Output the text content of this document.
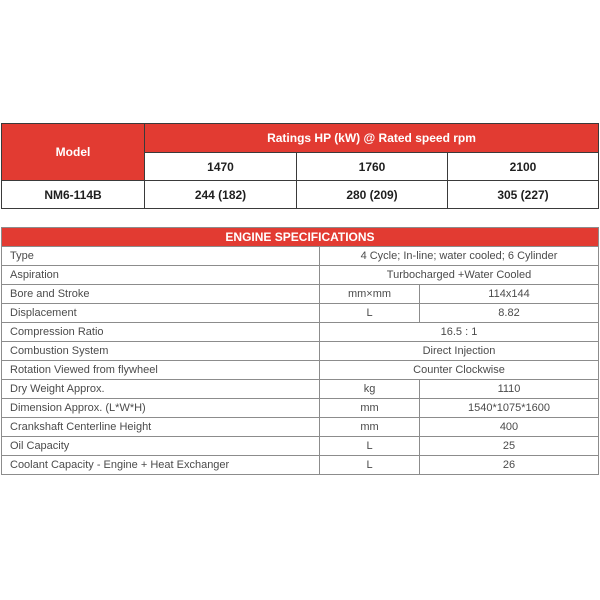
Model	Ratings HP (kW) @ Rated speed rpm		
	1470	1760	2100
NM6-114B	244 (182)	280 (209)	305 (227)
ENGINE SPECIFICATIONS		
Type	4 Cycle; In-line; water cooled; 6 Cylinder	
Aspiration	Turbocharged +Water Cooled	
Bore and Stroke	mm×mm	114x144
Displacement	L	8.82
Compression Ratio	16.5 : 1	
Combustion System	Direct Injection	
Rotation Viewed from flywheel	Counter Clockwise	
Dry Weight Approx.	kg	1110
Dimension Approx. (L*W*H)	mm	1540*1075*1600
Crankshaft Centerline Height	mm	400
Oil Capacity	L	25
Coolant Capacity - Engine + Heat Exchanger	L	26
